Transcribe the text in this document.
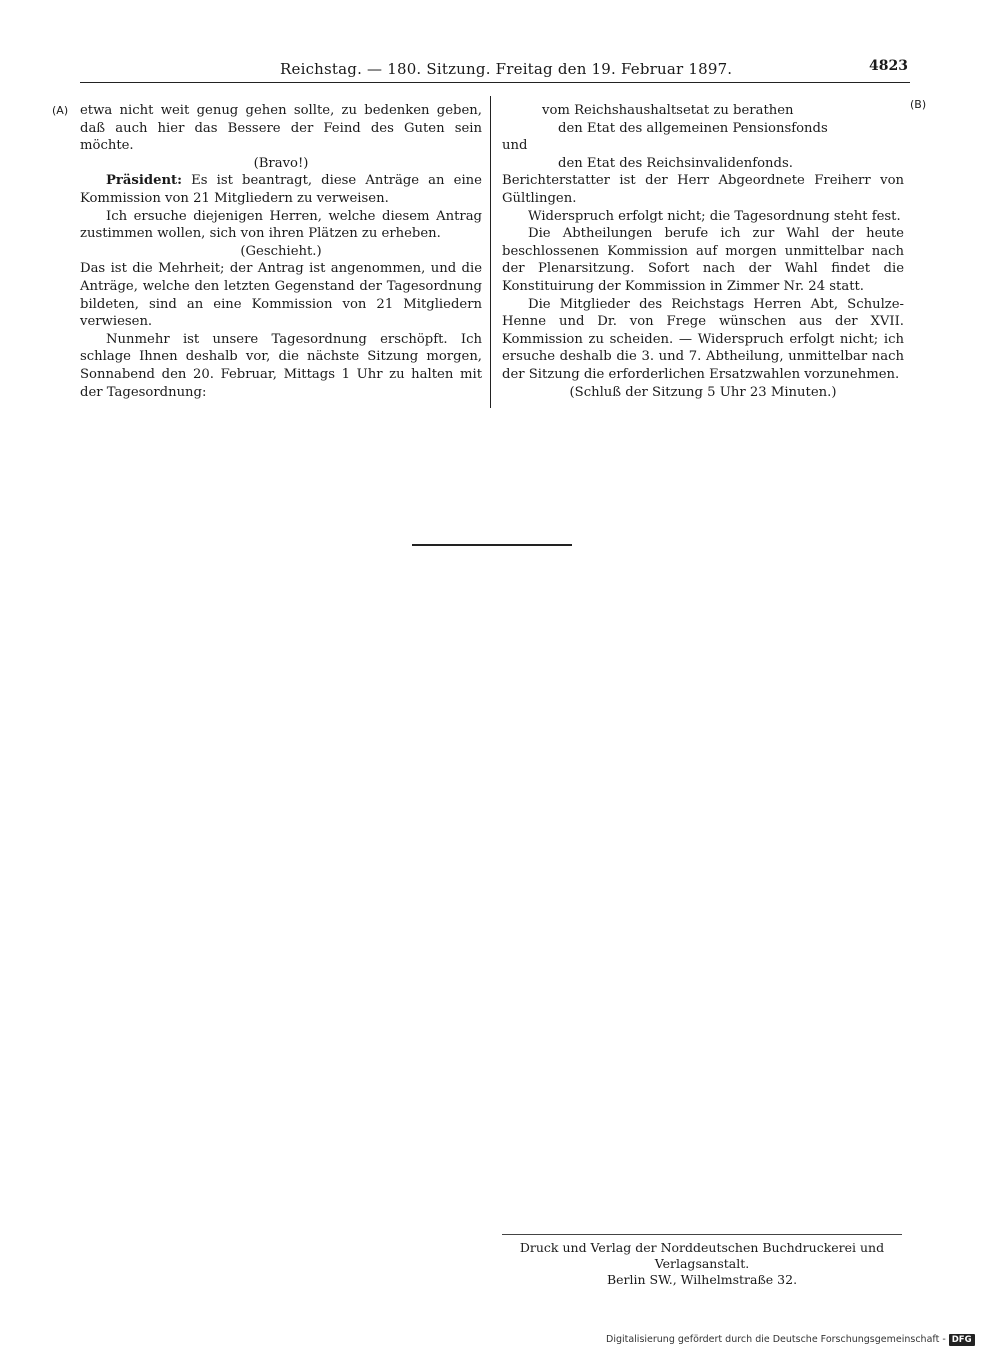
Reichstag. — 180. Sitzung. Freitag den 19. Februar 1897.	4823
(A)	(B)

etwa nicht weit genug gehen sollte, zu bedenken geben, daß auch hier das Bessere der Feind des Guten sein möchte.

(Bravo!)

Präsident: Es ist beantragt, diese Anträge an eine Kommission von 21 Mitgliedern zu verweisen.

Ich ersuche diejenigen Herren, welche diesem Antrag zustimmen wollen, sich von ihren Plätzen zu erheben.

(Geschieht.)

Das ist die Mehrheit; der Antrag ist angenommen, und die Anträge, welche den letzten Gegenstand der Tagesordnung bildeten, sind an eine Kommission von 21 Mitgliedern verwiesen.

Nunmehr ist unsere Tagesordnung erschöpft. Ich schlage Ihnen deshalb vor, die nächste Sitzung morgen, Sonnabend den 20. Februar, Mittags 1 Uhr zu halten mit der Tagesordnung:

vom Reichshaushaltsetat zu berathen

den Etat des allgemeinen Pensionsfonds

und

den Etat des Reichsinvalidenfonds.

Berichterstatter ist der Herr Abgeordnete Freiherr von Gültlingen.

Widerspruch erfolgt nicht; die Tagesordnung steht fest.

Die Abtheilungen berufe ich zur Wahl der heute beschlossenen Kommission auf morgen unmittelbar nach der Plenarsitzung. Sofort nach der Wahl findet die Konstituirung der Kommission in Zimmer Nr. 24 statt.

Die Mitglieder des Reichstags Herren Abt, Schulze-Henne und Dr. von Frege wünschen aus der XVII. Kommission zu scheiden. — Widerspruch erfolgt nicht; ich ersuche deshalb die 3. und 7. Abtheilung, unmittelbar nach der Sitzung die erforderlichen Ersatzwahlen vorzunehmen.

(Schluß der Sitzung 5 Uhr 23 Minuten.)

Druck und Verlag der Norddeutschen Buchdruckerei und Verlagsanstalt.
Berlin SW., Wilhelmstraße 32.
Digitalisierung gefördert durch die Deutsche Forschungsgemeinschaft - DFG
